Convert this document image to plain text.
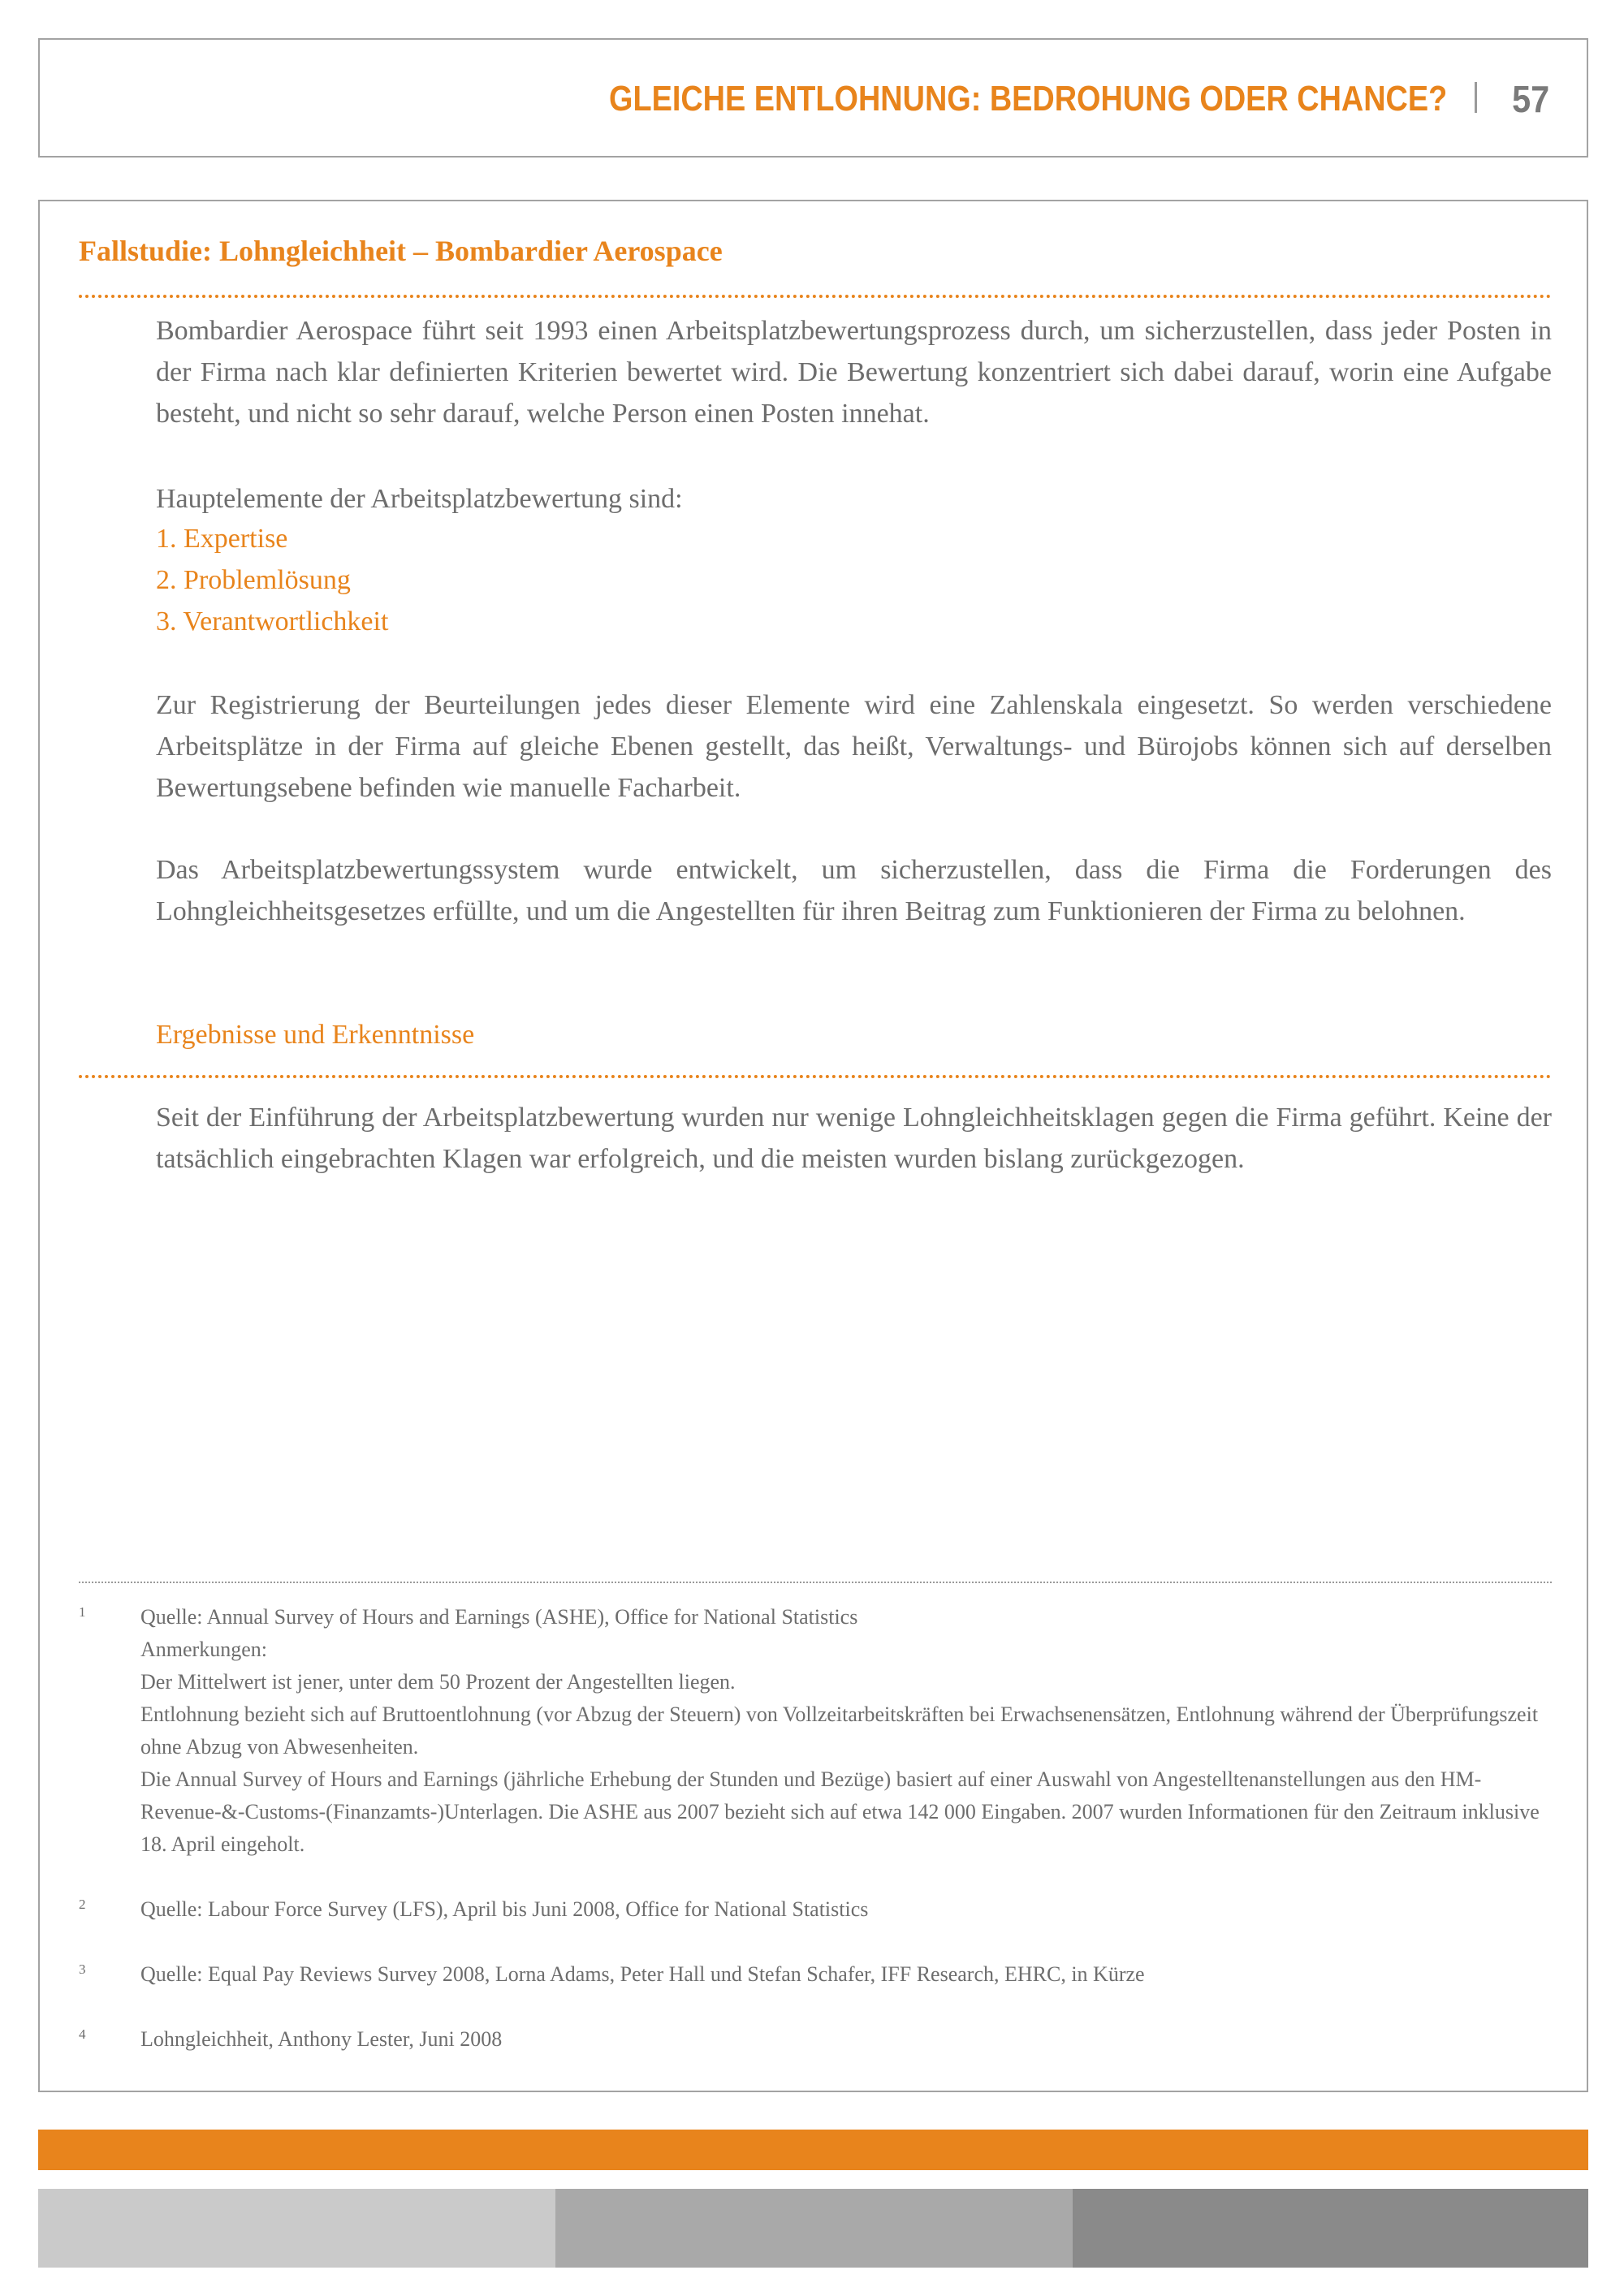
GLEICHE ENTLOHNUNG: BEDROHUNG ODER CHANCE? 57
Fallstudie: Lohngleichheit – Bombardier Aerospace
Bombardier Aerospace führt seit 1993 einen Arbeitsplatzbewertungsprozess durch, um sicherzustellen, dass jeder Posten in der Firma nach klar definierten Kriterien bewertet wird. Die Bewertung konzentriert sich dabei darauf, worin eine Aufgabe besteht, und nicht so sehr darauf, welche Person einen Posten innehat.
Hauptelemente der Arbeitsplatzbewertung sind:
1. Expertise
2. Problemlösung
3. Verantwortlichkeit
Zur Registrierung der Beurteilungen jedes dieser Elemente wird eine Zahlenskala eingesetzt. So werden verschiedene Arbeitsplätze in der Firma auf gleiche Ebenen gestellt, das heißt, Verwaltungs- und Bürojobs können sich auf derselben Bewertungsebene befinden wie manuelle Facharbeit.
Das Arbeitsplatzbewertungssystem wurde entwickelt, um sicherzustellen, dass die Firma die Forderungen des Lohngleichheitsgesetzes erfüllte, und um die Angestellten für ihren Beitrag zum Funktionieren der Firma zu belohnen.
Ergebnisse und Erkenntnisse
Seit der Einführung der Arbeitsplatzbewertung wurden nur wenige Lohngleichheitsklagen gegen die Firma geführt. Keine der tatsächlich eingebrachten Klagen war erfolgreich, und die meisten wurden bislang zurückgezogen.
1	Quelle: Annual Survey of Hours and Earnings (ASHE), Office for National Statistics
Anmerkungen:
Der Mittelwert ist jener, unter dem 50 Prozent der Angestellten liegen.
Entlohnung bezieht sich auf Bruttoentlohnung (vor Abzug der Steuern) von Vollzeitarbeitskräften bei Erwachsenensätzen, Entlohnung während der Überprüfungszeit ohne Abzug von Abwesenheiten.
Die Annual Survey of Hours and Earnings (jährliche Erhebung der Stunden und Bezüge) basiert auf einer Auswahl von Angestelltenanstellungen aus den HM-Revenue-&-Customs-(Finanzamts-)Unterlagen. Die ASHE aus 2007 bezieht sich auf etwa 142 000 Eingaben. 2007 wurden Informationen für den Zeitraum inklusive 18. April eingeholt.
2	Quelle: Labour Force Survey (LFS), April bis Juni 2008, Office for National Statistics
3	Quelle: Equal Pay Reviews Survey 2008, Lorna Adams, Peter Hall und Stefan Schafer, IFF Research, EHRC, in Kürze
4	Lohngleichheit, Anthony Lester, Juni 2008
